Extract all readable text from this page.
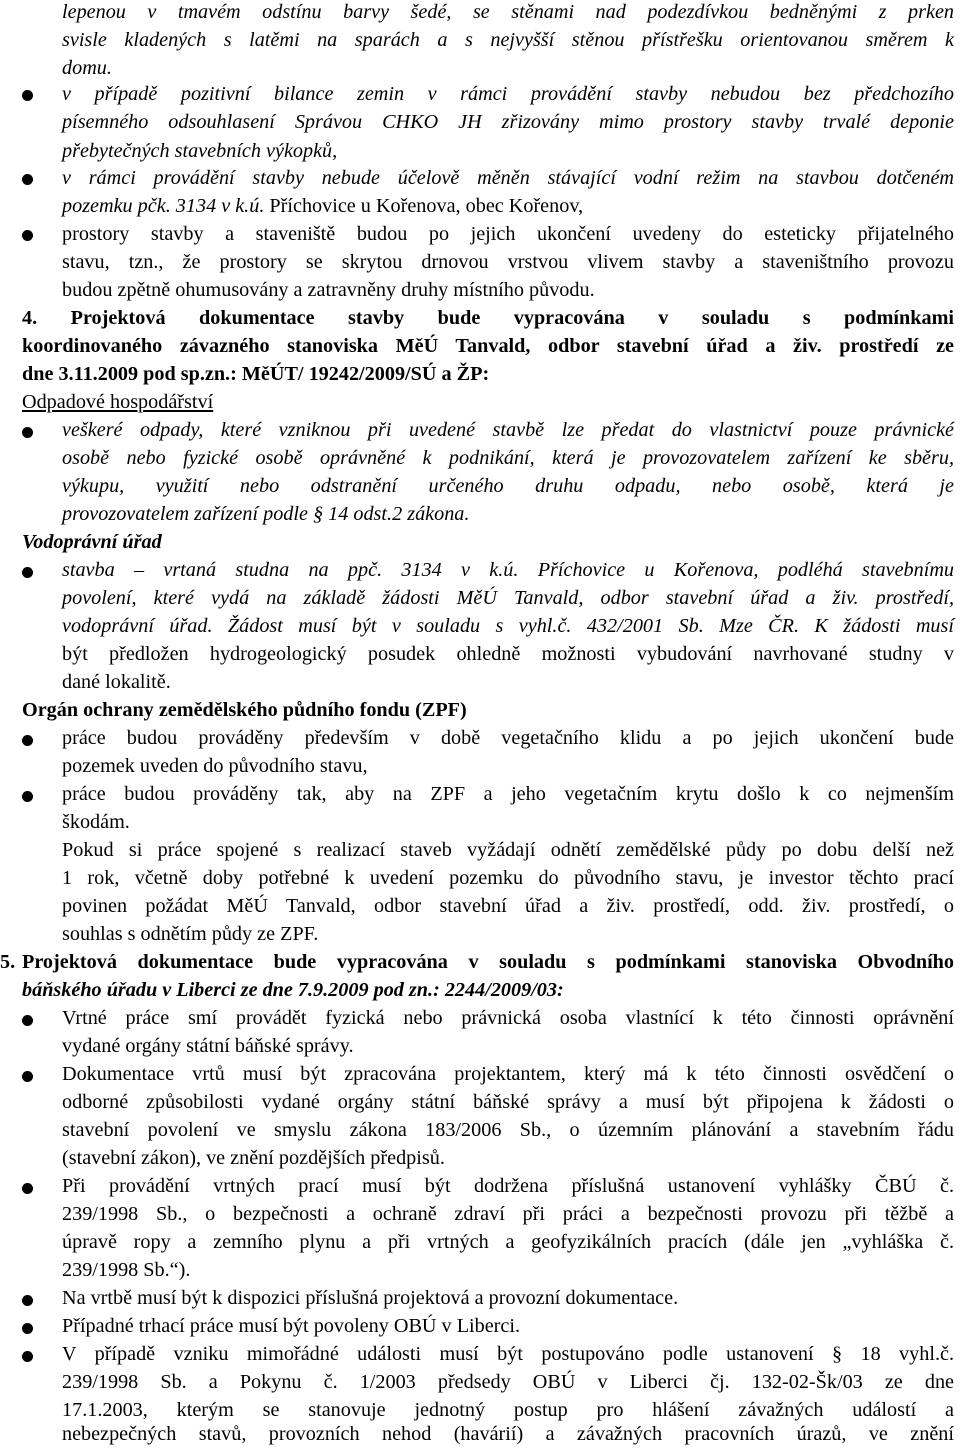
lepenou v tmavém odstínu barvy šedé, se stěnami nad podezdívkou bedněnými z prken
svisle kladených s latěmi na sparách a s nejvyšší stěnou přístřešku orientovanou směrem k
domu.
v případě pozitivní bilance zemin v rámci provádění stavby nebudou bez předchozího
písemného odsouhlasení Správou CHKO JH zřizovány mimo prostory stavby trvalé deponie
přebytečných stavebních výkopků,
v rámci provádění stavby nebude účelově měněn stávající vodní režim na stavbou dotčeném
pozemku pčk. 3134 v k.ú. Příchovice u Kořenova, obec Kořenov,
prostory stavby a staveniště budou po jejich ukončení uvedeny do esteticky přijatelného
stavu, tzn., že prostory se skrytou drnovou vrstvou vlivem stavby a staveništního provozu
budou zpětně ohumusovány a zatravněny druhy místního původu.
4. Projektová dokumentace stavby bude vypracována v souladu s podmínkami
koordinovaného závazného stanoviska MěÚ Tanvald, odbor stavební úřad a živ. prostředí ze
dne 3.11.2009 pod sp.zn.: MěÚT/ 19242/2009/SÚ a ŽP:
Odpadové hospodářství
veškeré odpady, které vzniknou při uvedené stavbě lze předat do vlastnictví pouze právnické
osobě nebo fyzické osobě oprávněné k podnikání, která je provozovatelem zařízení ke sběru,
výkupu, využití nebo odstranění určeného druhu odpadu, nebo osobě, která je
provozovatelem zařízení podle § 14 odst.2 zákona.
Vodoprávní úřad
stavba – vrtaná studna na ppč. 3134 v k.ú. Příchovice u Kořenova, podléhá stavebnímu
povolení, které vydá na základě žádosti MěÚ Tanvald, odbor stavební úřad a živ. prostředí,
vodoprávní úřad. Žádost musí být v souladu s vyhl.č. 432/2001 Sb. Mze ČR. K žádosti musí
být předložen hydrogeologický posudek ohledně možnosti vybudování navrhované studny v
dané lokalitě.
Orgán ochrany zemědělského půdního fondu (ZPF)
práce budou prováděny především v době vegetačního klidu a po jejich ukončení bude
pozemek uveden do původního stavu,
práce budou prováděny tak, aby na ZPF a jeho vegetačním krytu došlo k co nejmenším
škodám.
Pokud si práce spojené s realizací staveb vyžádají odnětí zemědělské půdy po dobu delší než
1 rok, včetně doby potřebné k uvedení pozemku do původního stavu, je investor těchto prací
povinen požádat MěÚ Tanvald, odbor stavební úřad a živ. prostředí, odd. živ. prostředí, o
souhlas s odnětím půdy ze ZPF.
5. Projektová dokumentace bude vypracována v souladu s podmínkami stanoviska Obvodního
báňského úřadu v Liberci ze dne 7.9.2009 pod zn.: 2244/2009/03:
Vrtné práce smí provádět fyzická nebo právnická osoba vlastnící k této činnosti oprávnění
vydané orgány státní báňské správy.
Dokumentace vrtů musí být zpracována projektantem, který má k této činnosti osvědčení o
odborné způsobilosti vydané orgány státní báňské správy a musí být připojena k žádosti o
stavební povolení ve smyslu zákona 183/2006 Sb., o územním plánování a stavebním řádu
(stavební zákon), ve znění pozdějších předpisů.
Při provádění vrtných prací musí být dodržena příslušná ustanovení vyhlášky ČBÚ č.
239/1998 Sb., o bezpečnosti a ochraně zdraví při práci a bezpečnosti provozu při těžbě a
úpravě ropy a zemního plynu a při vrtných a geofyzikálních pracích (dále jen „vyhláška č.
239/1998 Sb.“).
Na vrtbě musí být k dispozici příslušná projektová a provozní dokumentace.
Případné trhací práce musí být povoleny OBÚ v Liberci.
V případě vzniku mimořádné události musí být postupováno podle ustanovení § 18 vyhl.č.
239/1998 Sb. a Pokynu č. 1/2003 předsedy OBÚ v Liberci čj. 132-02-Šk/03 ze dne
17.1.2003, kterým se stanovuje jednotný postup pro hlášení závažných událostí a
nebezpečných stavů, provozních nehod (havárií) a závažných pracovních úrazů, ve znění
